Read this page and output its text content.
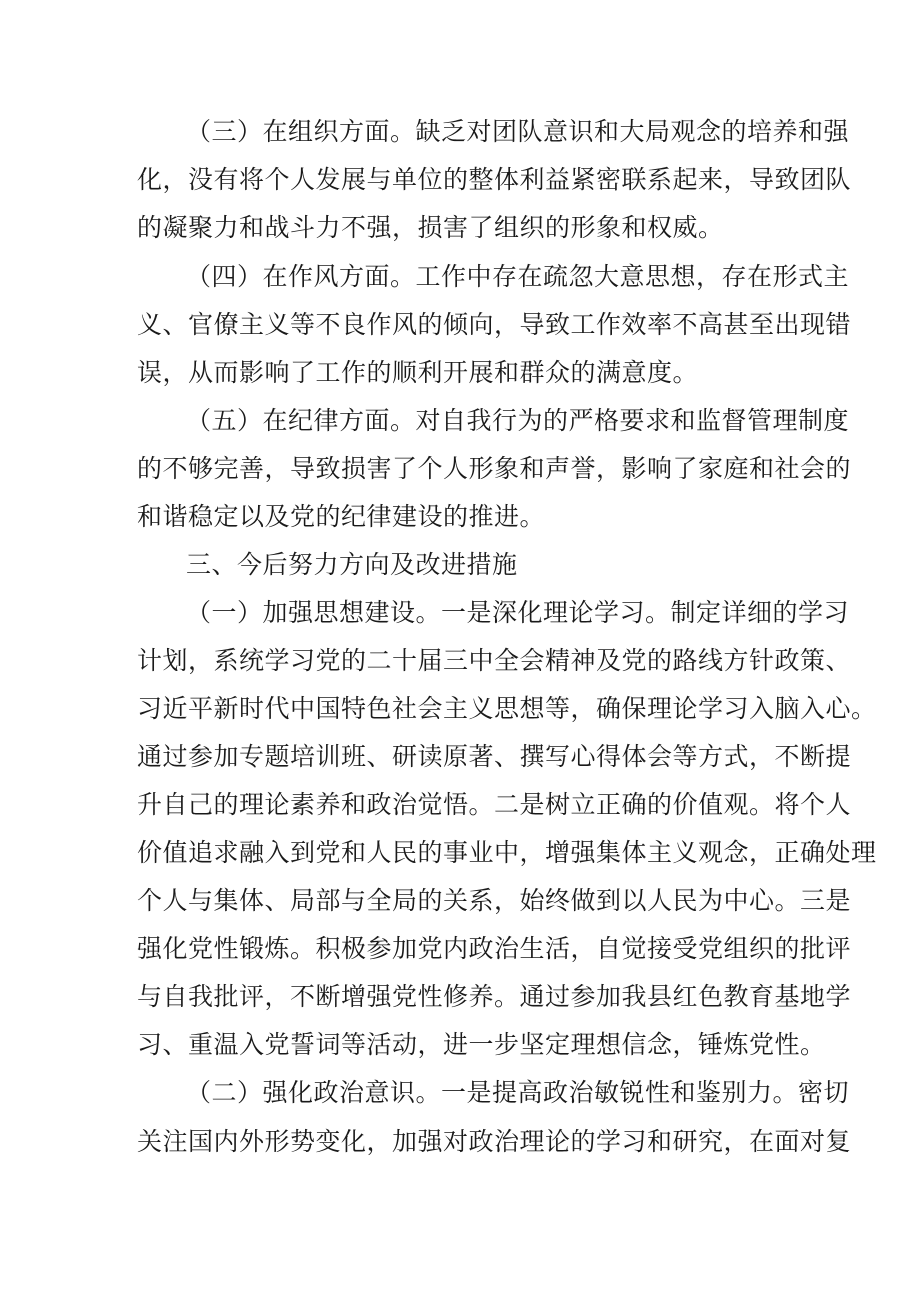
（三）在组织方面。缺乏对团队意识和大局观念的培养和强
化，没有将个人发展与单位的整体利益紧密联系起来，导致团队
的凝聚力和战斗力不强，损害了组织的形象和权威。
（四）在作风方面。工作中存在疏忽大意思想，存在形式主
义、官僚主义等不良作风的倾向，导致工作效率不高甚至出现错
误，从而影响了工作的顺利开展和群众的满意度。
（五）在纪律方面。对自我行为的严格要求和监督管理制度
的不够完善，导致损害了个人形象和声誉，影响了家庭和社会的
和谐稳定以及党的纪律建设的推进。
三、今后努力方向及改进措施
（一）加强思想建设。一是深化理论学习。制定详细的学习
计划，系统学习党的二十届三中全会精神及党的路线方针政策、
习近平新时代中国特色社会主义思想等，确保理论学习入脑入心。
通过参加专题培训班、研读原著、撰写心得体会等方式，不断提
升自己的理论素养和政治觉悟。二是树立正确的价值观。将个人
价值追求融入到党和人民的事业中，增强集体主义观念，正确处理
个人与集体、局部与全局的关系，始终做到以人民为中心。三是
强化党性锻炼。积极参加党内政治生活，自觉接受党组织的批评
与自我批评，不断增强党性修养。通过参加我县红色教育基地学
习、重温入党誓词等活动，进一步坚定理想信念，锤炼党性。
（二）强化政治意识。一是提高政治敏锐性和鉴别力。密切
关注国内外形势变化，加强对政治理论的学习和研究，在面对复
